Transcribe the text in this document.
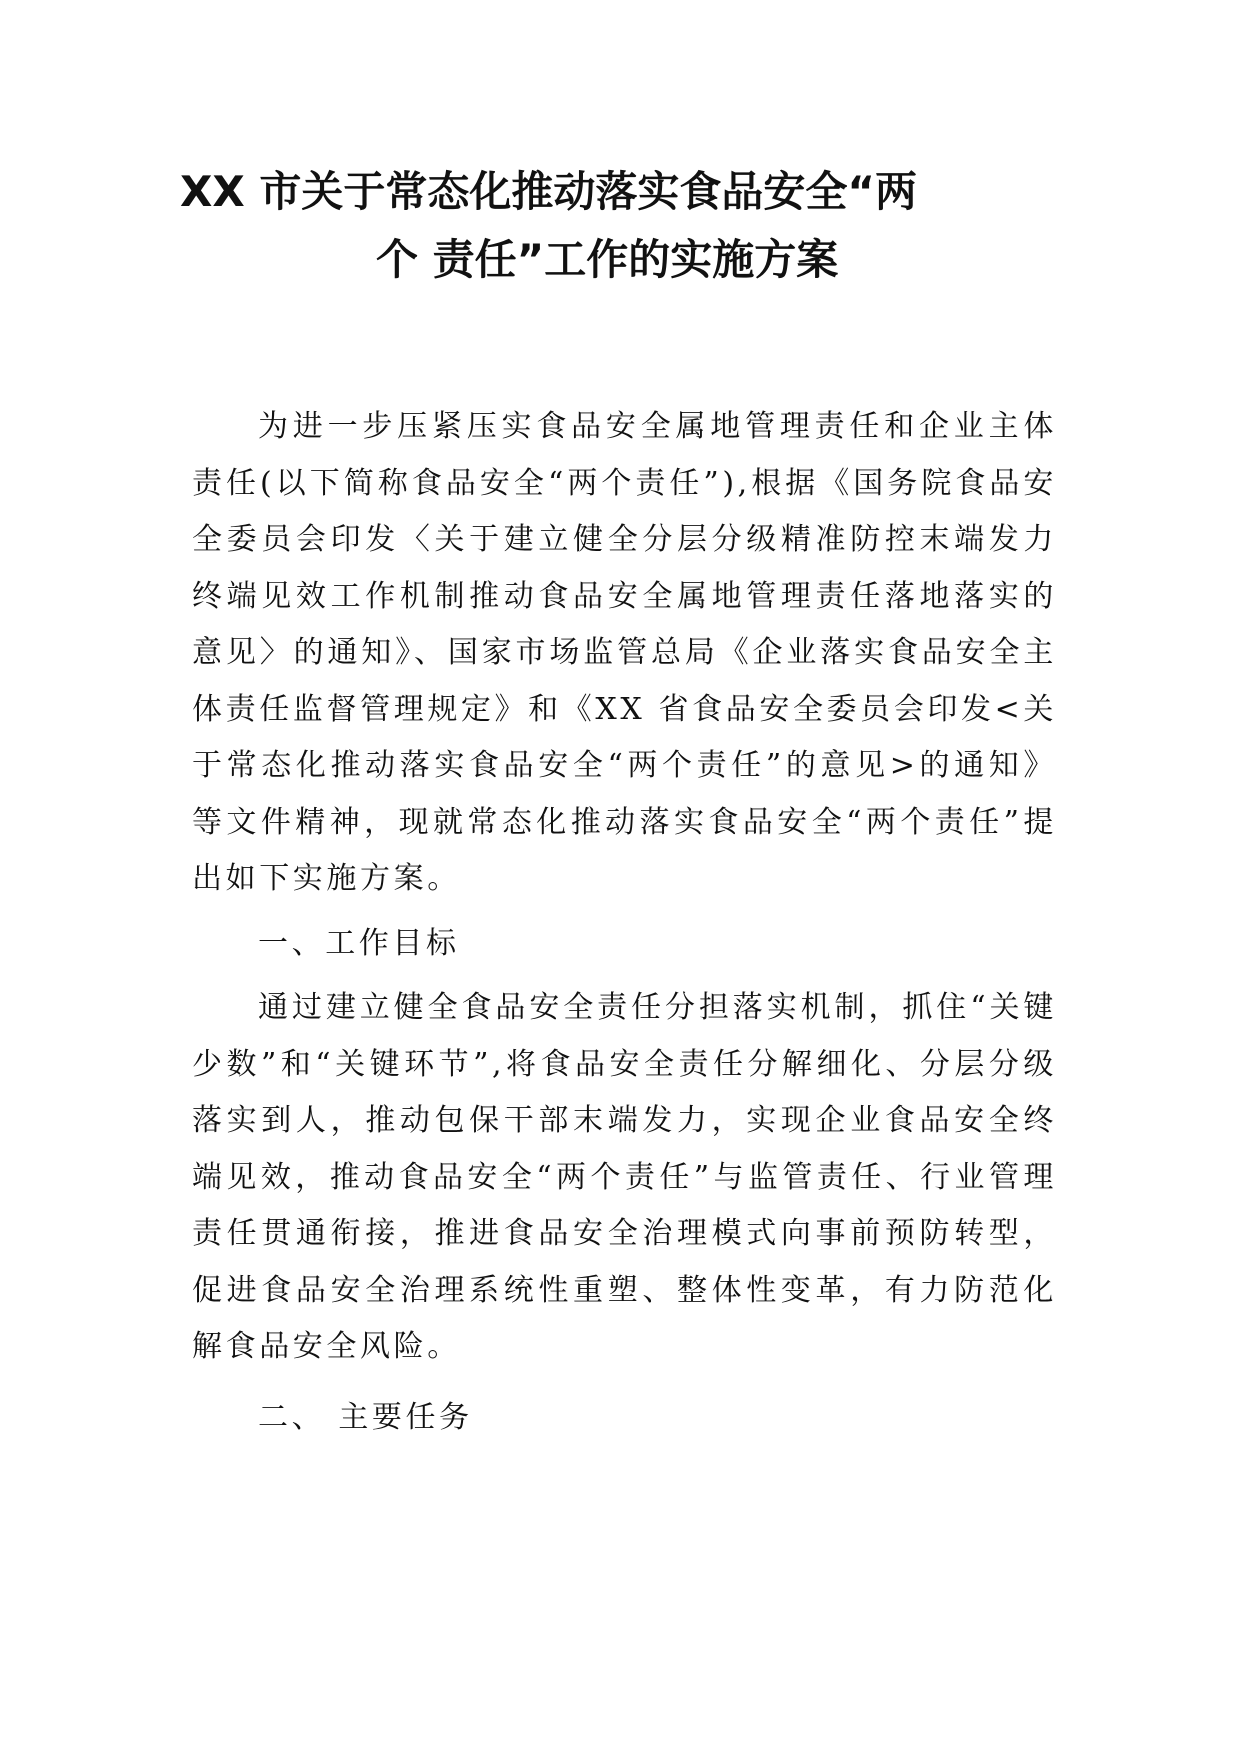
XX 市关于常态化推动落实食品安全“两
个 责任”工作的实施方案

为进一步压紧压实食品安全属地管理责任和企业主体责任(以下简称食品安全“两个责任”),根据《国务院食品安全委员会印发〈关于建立健全分层分级精准防控末端发力终端见效工作机制推动食品安全属地管理责任落地落实的意见〉的通知》、国家市场监管总局《企业落实食品安全主体责任监督管理规定》和《XX 省食品安全委员会印发<关于常态化推动落实食品安全“两个责任”的意见>的通知》等文件精神，现就常态化推动落实食品安全“两个责任”提出如下实施方案。

一、工作目标

通过建立健全食品安全责任分担落实机制，抓住“关键少数”和“关键环节”,将食品安全责任分解细化、分层分级落实到人，推动包保干部末端发力，实现企业食品安全终端见效，推动食品安全“两个责任”与监管责任、行业管理责任贯通衔接，推进食品安全治理模式向事前预防转型，促进食品安全治理系统性重塑、整体性变革，有力防范化解食品安全风险。

二、 主要任务
